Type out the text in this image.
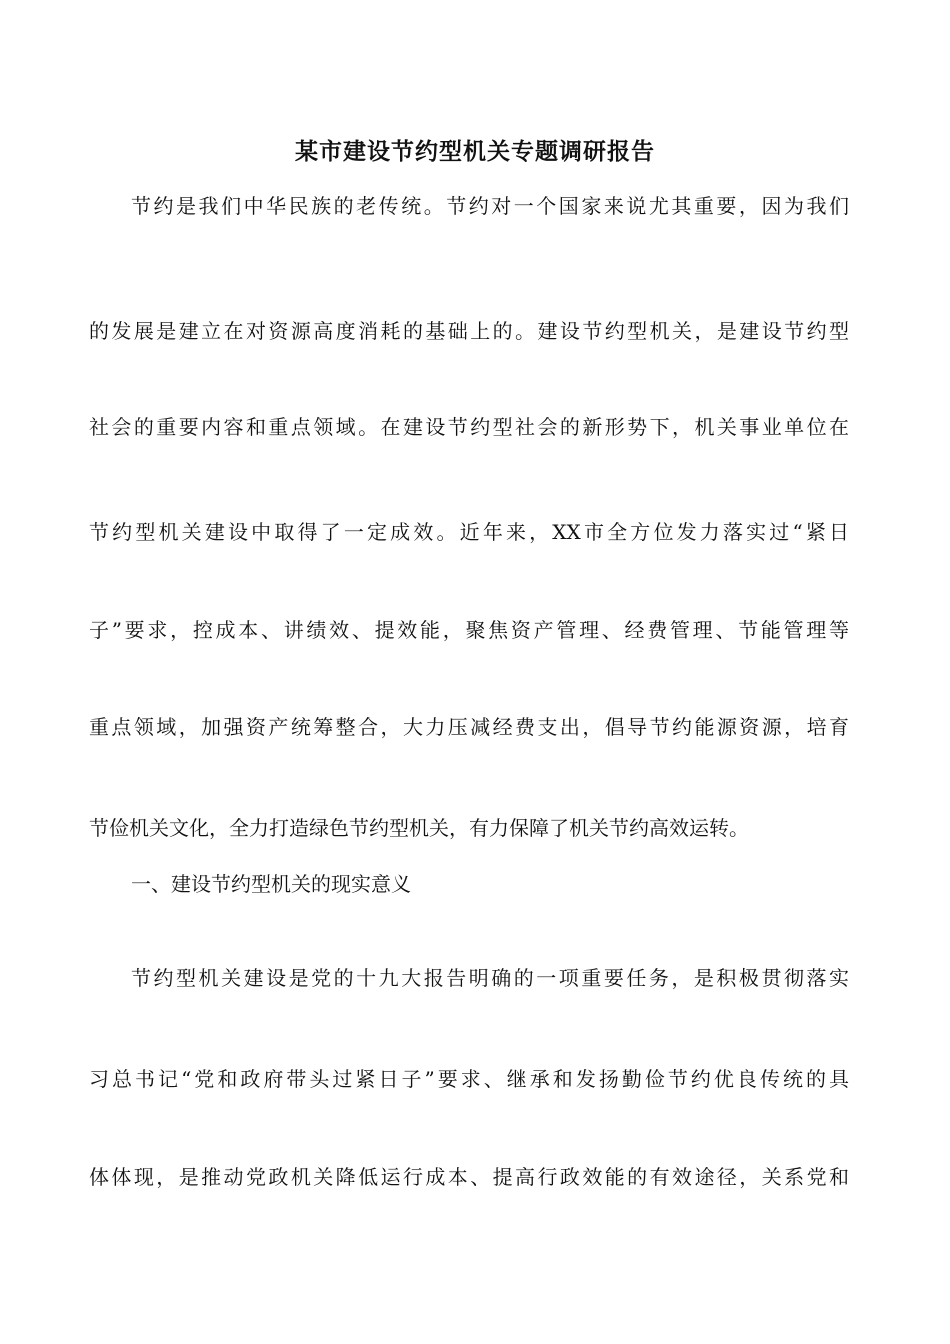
某市建设节约型机关专题调研报告

节约是我们中华民族的老传统。节约对一个国家来说尤其重要，因为我们

的发展是建立在对资源高度消耗的基础上的。建设节约型机关，是建设节约型

社会的重要内容和重点领域。在建设节约型社会的新形势下，机关事业单位在

节约型机关建设中取得了一定成效。近年来，XX市全方位发力落实过“紧日

子”要求，控成本、讲绩效、提效能，聚焦资产管理、经费管理、节能管理等

重点领域，加强资产统筹整合，大力压减经费支出，倡导节约能源资源，培育

节俭机关文化，全力打造绿色节约型机关，有力保障了机关节约高效运转。

一、建设节约型机关的现实意义

节约型机关建设是党的十九大报告明确的一项重要任务，是积极贯彻落实

习总书记“党和政府带头过紧日子”要求、继承和发扬勤俭节约优良传统的具

体体现，是推动党政机关降低运行成本、提高行政效能的有效途径，关系党和
